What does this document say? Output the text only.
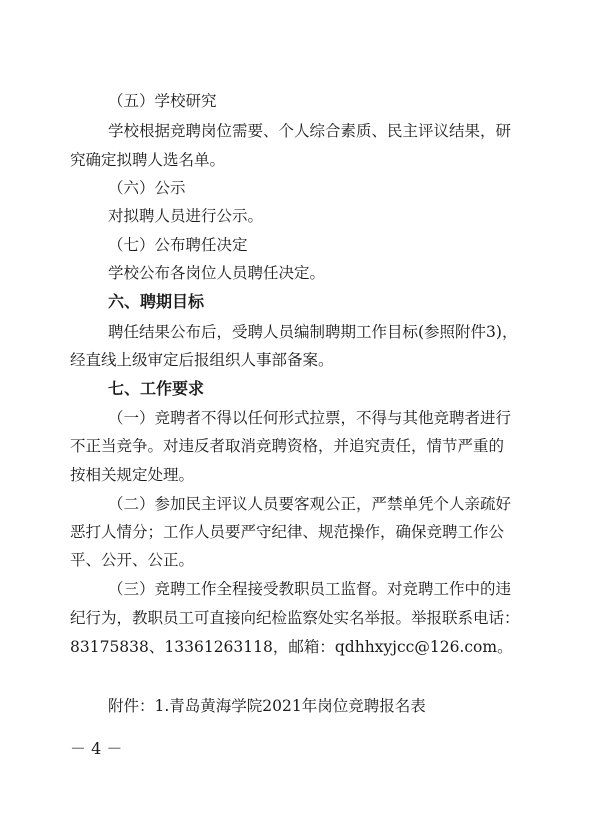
（五）学校研究
学校根据竞聘岗位需要、个人综合素质、民主评议结果，研
究确定拟聘人选名单。
（六）公示
对拟聘人员进行公示。
（七）公布聘任决定
学校公布各岗位人员聘任决定。
六、聘期目标
聘任结果公布后，受聘人员编制聘期工作目标(参照附件3)，
经直线上级审定后报组织人事部备案。
七、工作要求
（一）竞聘者不得以任何形式拉票，不得与其他竞聘者进行
不正当竞争。对违反者取消竞聘资格，并追究责任，情节严重的
按相关规定处理。
（二）参加民主评议人员要客观公正，严禁单凭个人亲疏好
恶打人情分；工作人员要严守纪律、规范操作，确保竞聘工作公
平、公开、公正。
（三）竞聘工作全程接受教职员工监督。对竞聘工作中的违
纪行为，教职员工可直接向纪检监察处实名举报。举报联系电话：
83175838、13361263118，邮箱：qdhhxyjcc@126.com。
附件：1.青岛黄海学院2021年岗位竞聘报名表
－ 4 －
